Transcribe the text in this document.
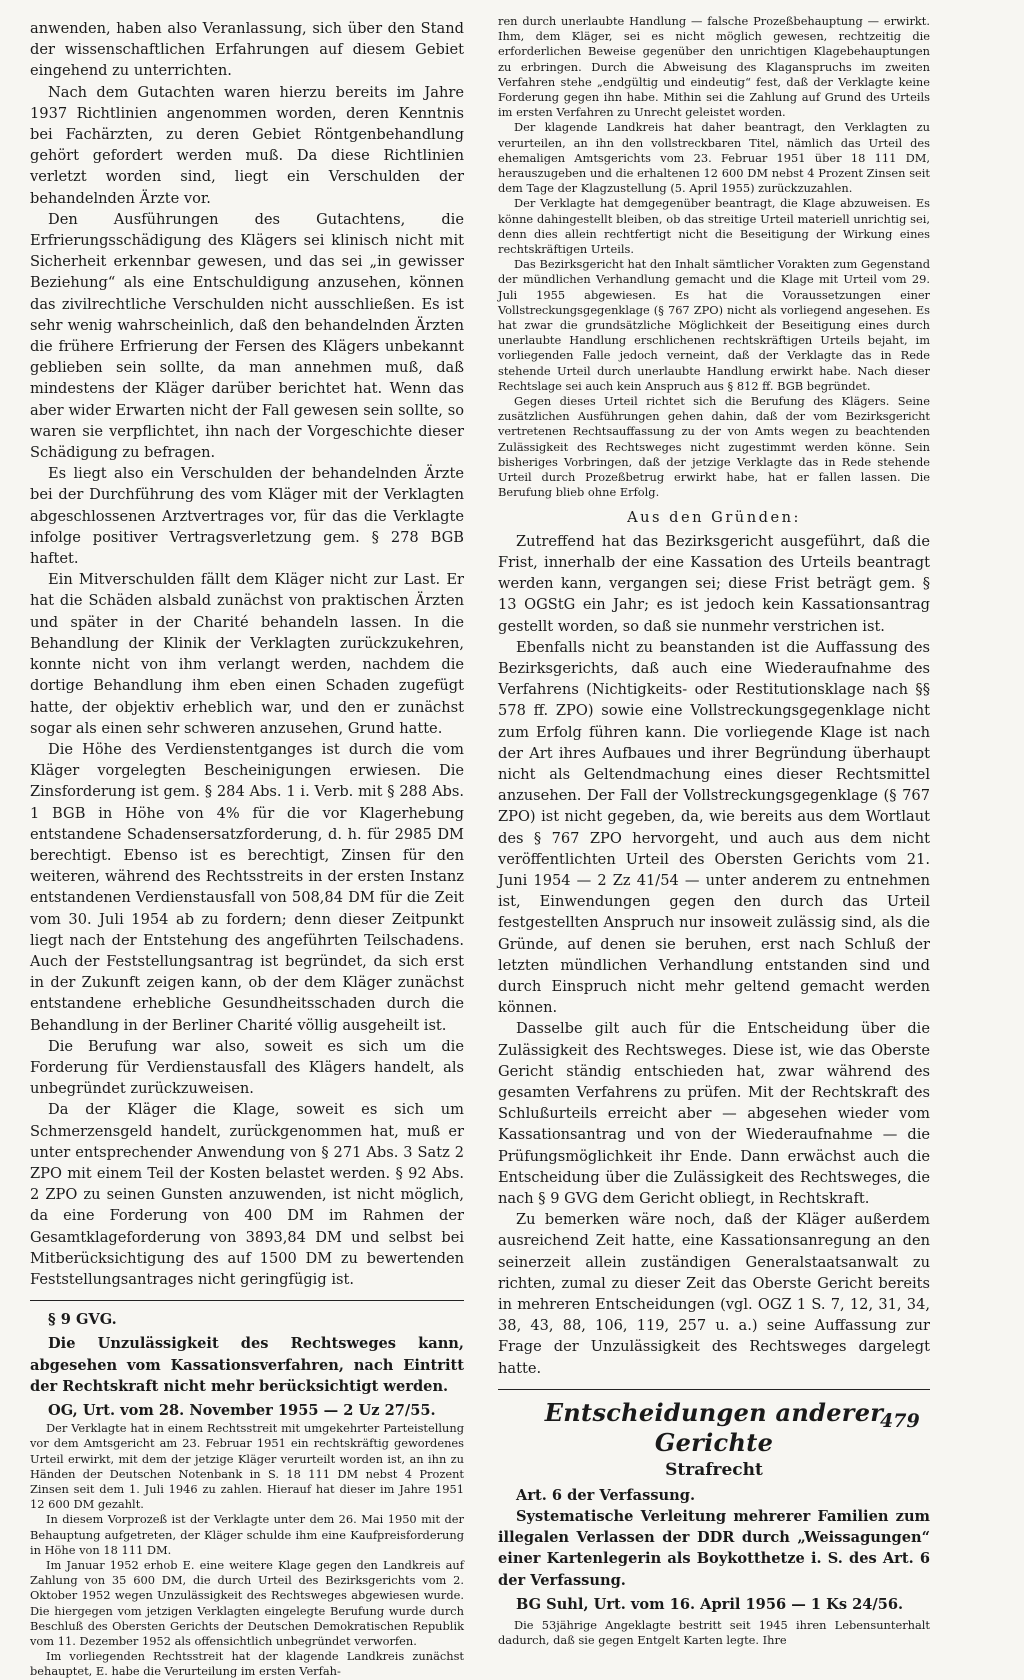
anwenden, haben also Veranlassung, sich über den Stand der wissenschaftlichen Erfahrungen auf diesem Gebiet eingehend zu unterrichten.

Nach dem Gutachten waren hierzu bereits im Jahre 1937 Richtlinien angenommen worden, deren Kenntnis bei Fachärzten, zu deren Gebiet Röntgenbehandlung gehört gefordert werden muß. Da diese Richtlinien verletzt worden sind, liegt ein Verschulden der behandelnden Ärzte vor.

Den Ausführungen des Gutachtens, die Erfrierungsschädigung des Klägers sei klinisch nicht mit Sicherheit erkennbar gewesen, und das sei „in gewisser Beziehung“ als eine Entschuldigung anzusehen, können das zivilrechtliche Verschulden nicht ausschließen. Es ist sehr wenig wahrscheinlich, daß den behandelnden Ärzten die frühere Erfrierung der Fersen des Klägers unbekannt geblieben sein sollte, da man annehmen muß, daß mindestens der Kläger darüber berichtet hat. Wenn das aber wider Erwarten nicht der Fall gewesen sein sollte, so waren sie verpflichtet, ihn nach der Vorgeschichte dieser Schädigung zu befragen.

Es liegt also ein Verschulden der behandelnden Ärzte bei der Durchführung des vom Kläger mit der Verklagten abgeschlossenen Arztvertrages vor, für das die Verklagte infolge positiver Vertragsverletzung gem. § 278 BGB haftet.

Ein Mitverschulden fällt dem Kläger nicht zur Last. Er hat die Schäden alsbald zunächst von praktischen Ärzten und später in der Charité behandeln lassen. In die Behandlung der Klinik der Verklagten zurückzukehren, konnte nicht von ihm verlangt werden, nachdem die dortige Behandlung ihm eben einen Schaden zugefügt hatte, der objektiv erheblich war, und den er zunächst sogar als einen sehr schweren anzusehen, Grund hatte.

Die Höhe des Verdienstentganges ist durch die vom Kläger vorgelegten Bescheinigungen erwiesen. Die Zinsforderung ist gem. § 284 Abs. 1 i. Verb. mit § 288 Abs. 1 BGB in Höhe von 4% für die vor Klagerhebung entstandene Schadensersatzforderung, d. h. für 2985 DM berechtigt. Ebenso ist es berechtigt, Zinsen für den weiteren, während des Rechtsstreits in der ersten Instanz entstandenen Verdienstausfall von 508,84 DM für die Zeit vom 30. Juli 1954 ab zu fordern; denn dieser Zeitpunkt liegt nach der Entstehung des angeführten Teilschadens. Auch der Feststellungsantrag ist begründet, da sich erst in der Zukunft zeigen kann, ob der dem Kläger zunächst entstandene erhebliche Gesundheitsschaden durch die Behandlung in der Berliner Charité völlig ausgeheilt ist.

Die Berufung war also, soweit es sich um die Forderung für Verdienstausfall des Klägers handelt, als unbegründet zurückzuweisen.

Da der Kläger die Klage, soweit es sich um Schmerzensgeld handelt, zurückgenommen hat, muß er unter entsprechender Anwendung von § 271 Abs. 3 Satz 2 ZPO mit einem Teil der Kosten belastet werden. § 92 Abs. 2 ZPO zu seinen Gunsten anzuwenden, ist nicht möglich, da eine Forderung von 400 DM im Rahmen der Gesamtklageforderung von 3893,84 DM und selbst bei Mitberücksichtigung des auf 1500 DM zu bewertenden Feststellungsantrages nicht geringfügig ist.

§ 9 GVG.

Die Unzulässigkeit des Rechtsweges kann, abgesehen vom Kassationsverfahren, nach Eintritt der Rechtskraft nicht mehr berücksichtigt werden.

OG, Urt. vom 28. November 1955 — 2 Uz 27/55.

Der Verklagte hat in einem Rechtsstreit mit umgekehrter Parteistellung vor dem Amtsgericht am 23. Februar 1951 ein rechtskräftig gewordenes Urteil erwirkt, mit dem der jetzige Kläger verurteilt worden ist, an ihn zu Händen der Deutschen Notenbank in S. 18 111 DM nebst 4 Prozent Zinsen seit dem 1. Juli 1946 zu zahlen. Hierauf hat dieser im Jahre 1951 12 600 DM gezahlt.

In diesem Vorprozeß ist der Verklagte unter dem 26. Mai 1950 mit der Behauptung aufgetreten, der Kläger schulde ihm eine Kaufpreisforderung in Höhe von 18 111 DM.

Im Januar 1952 erhob E. eine weitere Klage gegen den Landkreis auf Zahlung von 35 600 DM, die durch Urteil des Bezirksgerichts vom 2. Oktober 1952 wegen Unzulässigkeit des Rechtsweges abgewiesen wurde. Die hiergegen vom jetzigen Verklagten eingelegte Berufung wurde durch Beschluß des Obersten Gerichts der Deutschen Demokratischen Republik vom 11. Dezember 1952 als offensichtlich unbegründet verworfen.

Im vorliegenden Rechtsstreit hat der klagende Landkreis zunächst behauptet, E. habe die Verurteilung im ersten Verfah-

ren durch unerlaubte Handlung — falsche Prozeßbehauptung — erwirkt. Ihm, dem Kläger, sei es nicht möglich gewesen, rechtzeitig die erforderlichen Beweise gegenüber den unrichtigen Klagebehauptungen zu erbringen. Durch die Abweisung des Klaganspruchs im zweiten Verfahren stehe „endgültig und eindeutig“ fest, daß der Verklagte keine Forderung gegen ihn habe. Mithin sei die Zahlung auf Grund des Urteils im ersten Verfahren zu Unrecht geleistet worden.

Der klagende Landkreis hat daher beantragt, den Verklagten zu verurteilen, an ihn den vollstreckbaren Titel, nämlich das Urteil des ehemaligen Amtsgerichts vom 23. Februar 1951 über 18 111 DM, herauszugeben und die erhaltenen 12 600 DM nebst 4 Prozent Zinsen seit dem Tage der Klagzustellung (5. April 1955) zurückzuzahlen.

Der Verklagte hat demgegenüber beantragt, die Klage abzuweisen. Es könne dahingestellt bleiben, ob das streitige Urteil materiell unrichtig sei, denn dies allein rechtfertigt nicht die Beseitigung der Wirkung eines rechtskräftigen Urteils.

Das Bezirksgericht hat den Inhalt sämtlicher Vorakten zum Gegenstand der mündlichen Verhandlung gemacht und die Klage mit Urteil vom 29. Juli 1955 abgewiesen. Es hat die Voraussetzungen einer Vollstreckungsgegenklage (§ 767 ZPO) nicht als vorliegend angesehen. Es hat zwar die grundsätzliche Möglichkeit der Beseitigung eines durch unerlaubte Handlung erschlichenen rechtskräftigen Urteils bejaht, im vorliegenden Falle jedoch verneint, daß der Verklagte das in Rede stehende Urteil durch unerlaubte Handlung erwirkt habe. Nach dieser Rechtslage sei auch kein Anspruch aus § 812 ff. BGB begründet.

Gegen dieses Urteil richtet sich die Berufung des Klägers. Seine zusätzlichen Ausführungen gehen dahin, daß der vom Bezirksgericht vertretenen Rechtsauffassung zu der von Amts wegen zu beachtenden Zulässigkeit des Rechtsweges nicht zugestimmt werden könne. Sein bisheriges Vorbringen, daß der jetzige Verklagte das in Rede stehende Urteil durch Prozeßbetrug erwirkt habe, hat er fallen lassen. Die Berufung blieb ohne Erfolg.

Aus den Gründen:

Zutreffend hat das Bezirksgericht ausgeführt, daß die Frist, innerhalb der eine Kassation des Urteils beantragt werden kann, vergangen sei; diese Frist beträgt gem. § 13 OGStG ein Jahr; es ist jedoch kein Kassationsantrag gestellt worden, so daß sie nunmehr verstrichen ist.

Ebenfalls nicht zu beanstanden ist die Auffassung des Bezirksgerichts, daß auch eine Wiederaufnahme des Verfahrens (Nichtigkeits- oder Restitutionsklage nach §§ 578 ff. ZPO) sowie eine Vollstreckungsgegenklage nicht zum Erfolg führen kann. Die vorliegende Klage ist nach der Art ihres Aufbaues und ihrer Begründung überhaupt nicht als Geltendmachung eines dieser Rechtsmittel anzusehen. Der Fall der Vollstreckungsgegenklage (§ 767 ZPO) ist nicht gegeben, da, wie bereits aus dem Wortlaut des § 767 ZPO hervorgeht, und auch aus dem nicht veröffentlichten Urteil des Obersten Gerichts vom 21. Juni 1954 — 2 Zz 41/54 — unter anderem zu entnehmen ist, Einwendungen gegen den durch das Urteil festgestellten Anspruch nur insoweit zulässig sind, als die Gründe, auf denen sie beruhen, erst nach Schluß der letzten mündlichen Verhandlung entstanden sind und durch Einspruch nicht mehr geltend gemacht werden können.

Dasselbe gilt auch für die Entscheidung über die Zulässigkeit des Rechtsweges. Diese ist, wie das Oberste Gericht ständig entschieden hat, zwar während des gesamten Verfahrens zu prüfen. Mit der Rechtskraft des Schlußurteils erreicht aber — abgesehen wieder vom Kassationsantrag und von der Wiederaufnahme — die Prüfungsmöglichkeit ihr Ende. Dann erwächst auch die Entscheidung über die Zulässigkeit des Rechtsweges, die nach § 9 GVG dem Gericht obliegt, in Rechtskraft.

Zu bemerken wäre noch, daß der Kläger außerdem ausreichend Zeit hatte, eine Kassationsanregung an den seinerzeit allein zuständigen Generalstaatsanwalt zu richten, zumal zu dieser Zeit das Oberste Gericht bereits in mehreren Entscheidungen (vgl. OGZ 1 S. 7, 12, 31, 34, 38, 43, 88, 106, 119, 257 u. a.) seine Auffassung zur Frage der Unzulässigkeit des Rechtsweges dargelegt hatte.

Entscheidungen anderer Gerichte

Strafrecht

Art. 6 der Verfassung.

Systematische Verleitung mehrerer Familien zum illegalen Verlassen der DDR durch „Weissagungen“ einer Kartenlegerin als Boykotthetze i. S. des Art. 6 der Verfassung.

BG Suhl, Urt. vom 16. April 1956 — 1 Ks 24/56.

Die 53jährige Angeklagte bestritt seit 1945 ihren Lebensunterhalt dadurch, daß sie gegen Entgelt Karten legte. Ihre

479
